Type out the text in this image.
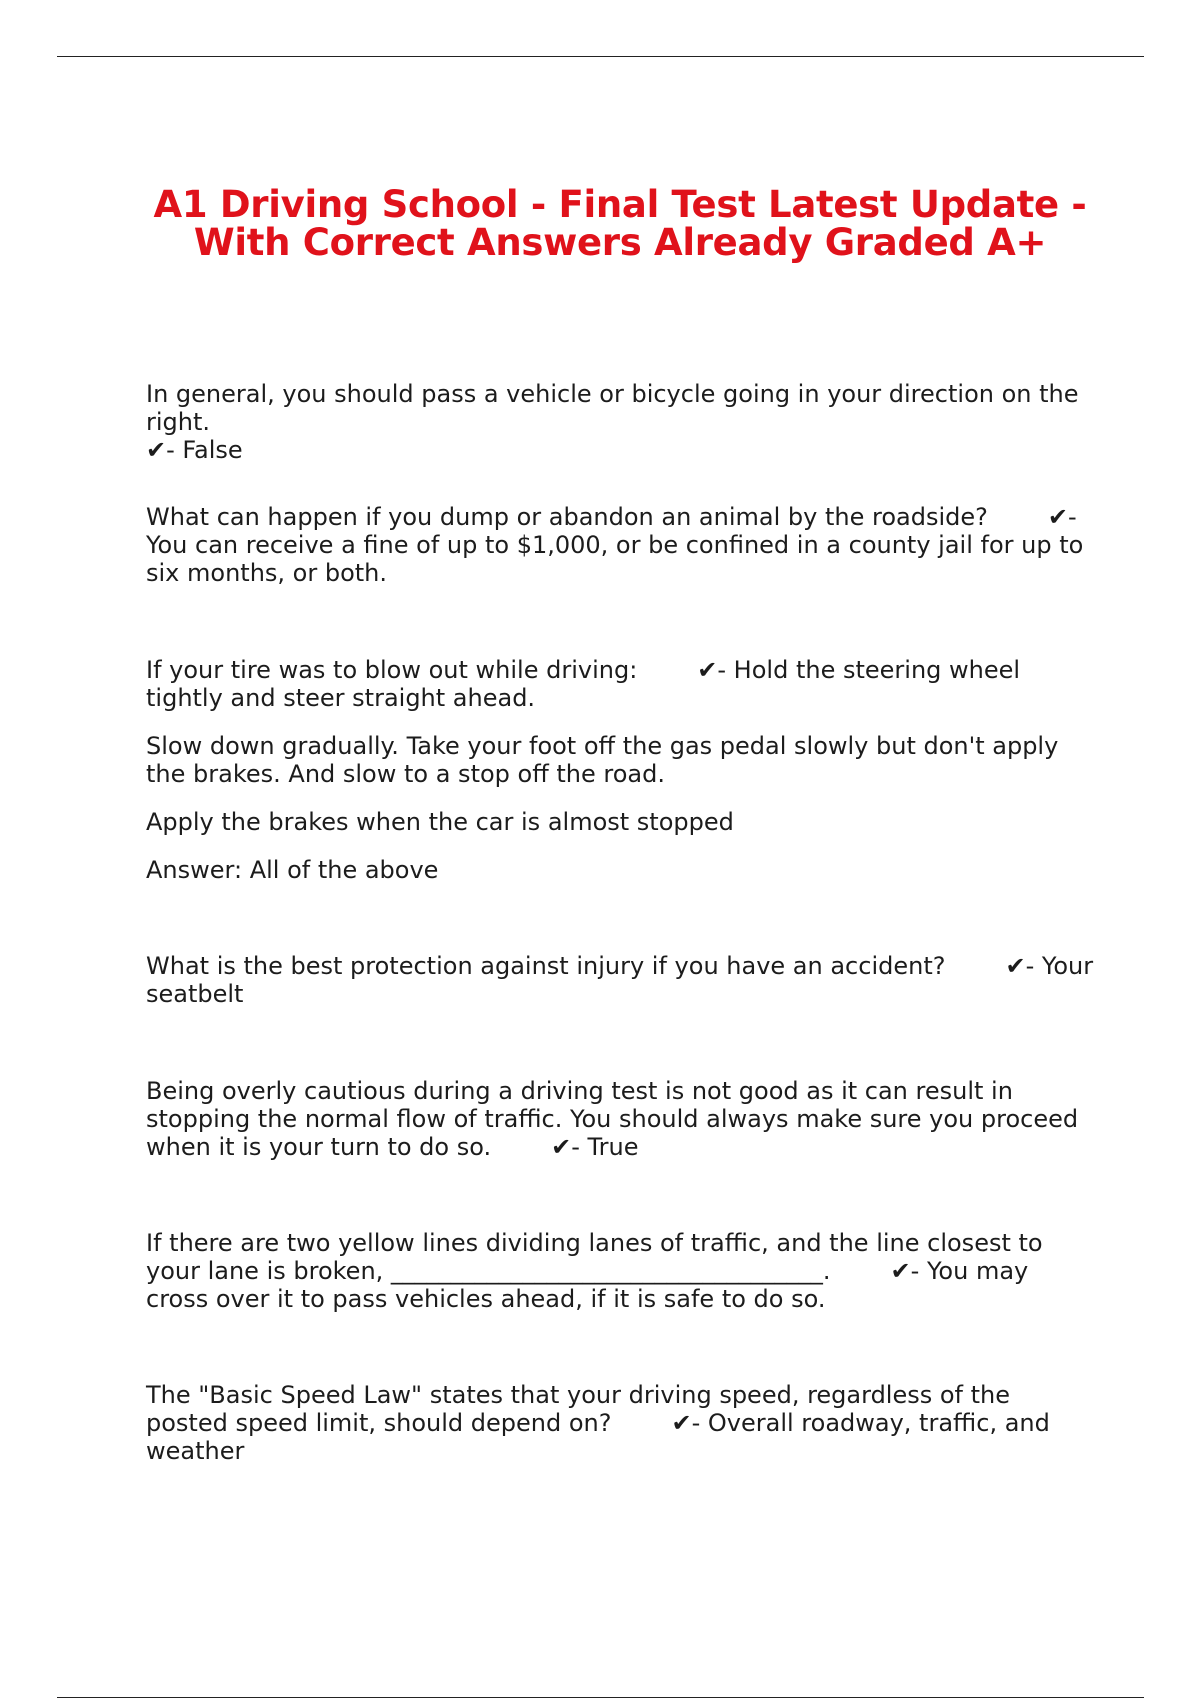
A1 Driving School - Final Test Latest Update - With Correct Answers Already Graded A+

In general, you should pass a vehicle or bicycle going in your direction on the right.
✔- False

What can happen if you dump or abandon an animal by the roadside?	✔- You can receive a fine of up to $1,000, or be confined in a county jail for up to six months, or both.

If your tire was to blow out while driving:	✔- Hold the steering wheel tightly and steer straight ahead.

Slow down gradually. Take your foot off the gas pedal slowly but don't apply the brakes. And slow to a stop off the road.

Apply the brakes when the car is almost stopped

Answer: All of the above

What is the best protection against injury if you have an accident?	✔- Your seatbelt

Being overly cautious during a driving test is not good as it can result in stopping the normal flow of traffic. You should always make sure you proceed when it is your turn to do so.	✔- True

If there are two yellow lines dividing lanes of traffic, and the line closest to your lane is broken, ____________________________________.	✔- You may cross over it to pass vehicles ahead, if it is safe to do so.

The "Basic Speed Law" states that your driving speed, regardless of the posted speed limit, should depend on?	✔- Overall roadway, traffic, and weather
